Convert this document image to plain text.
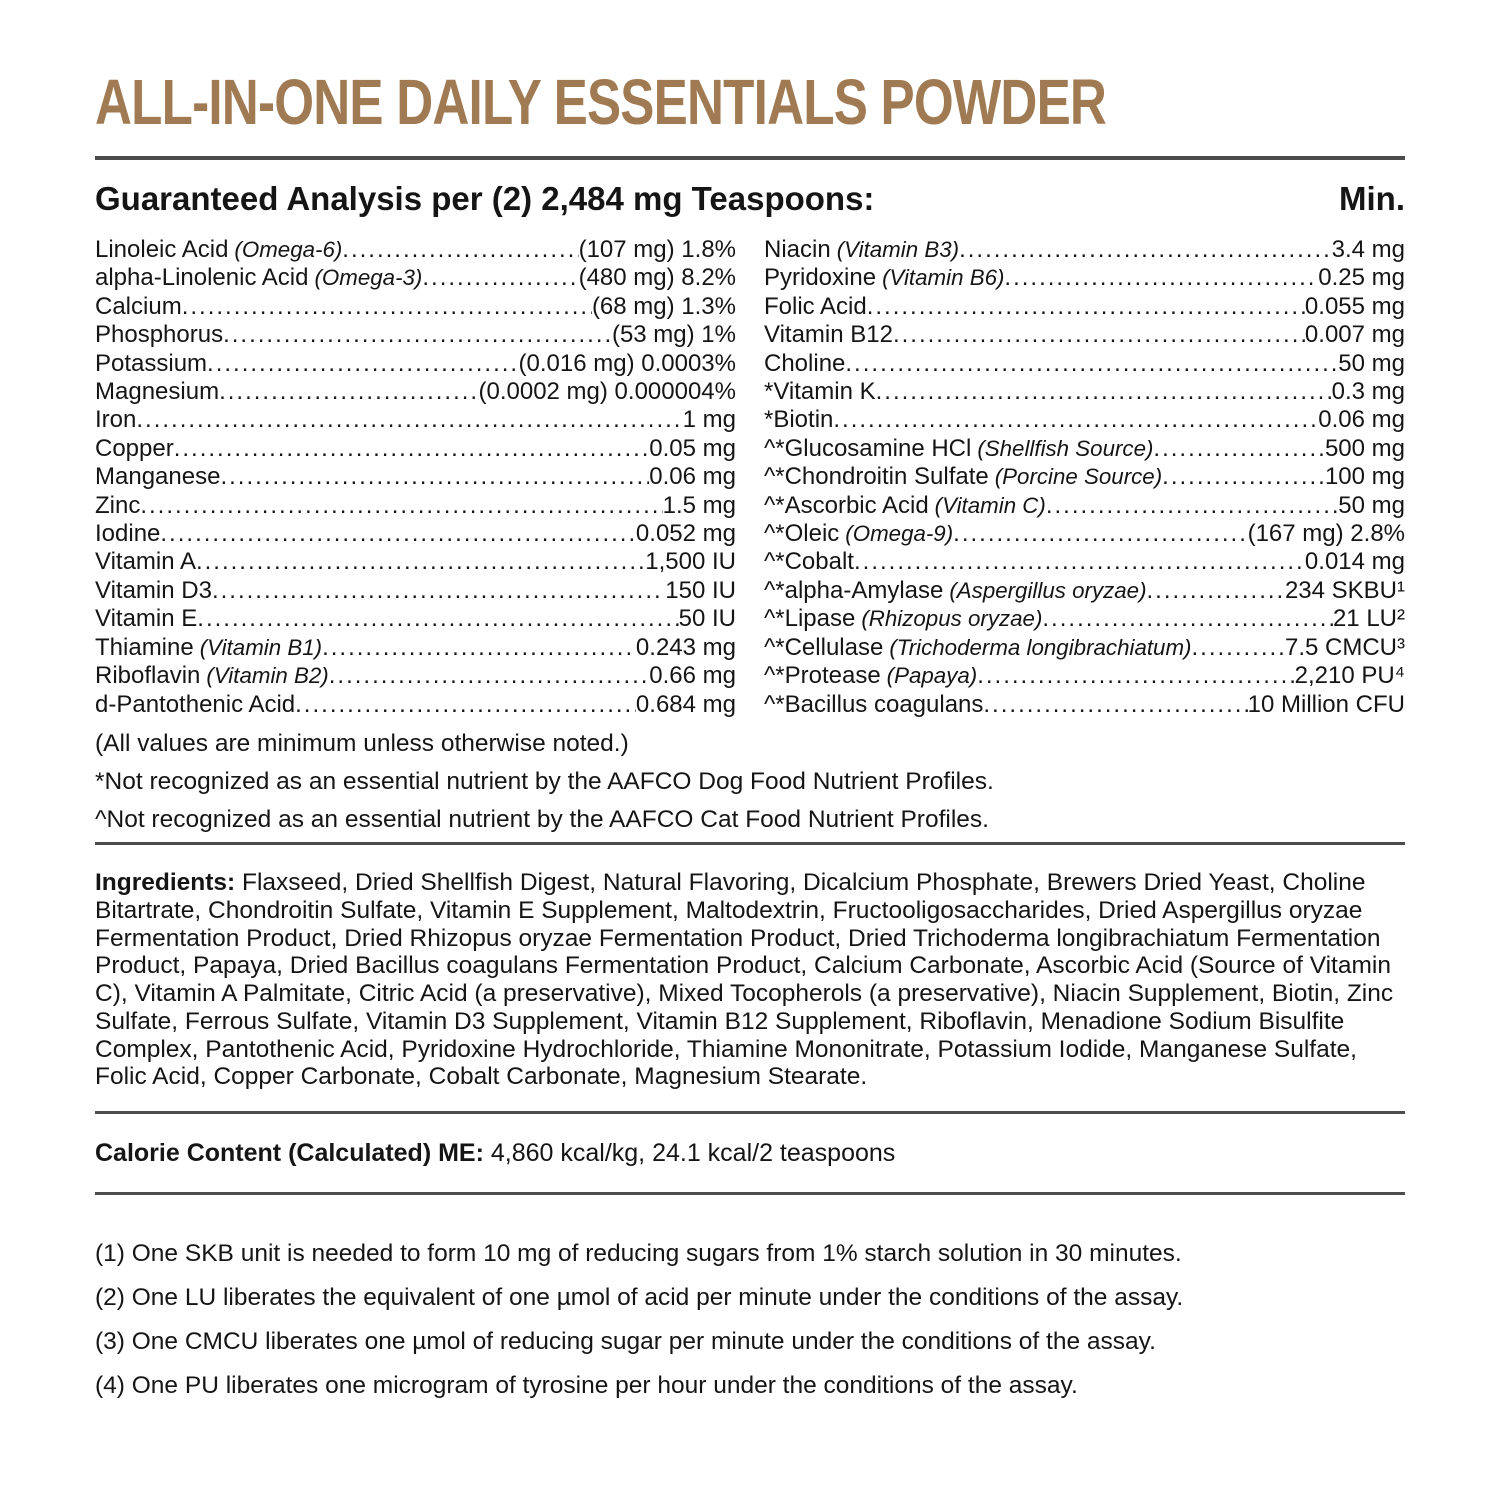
ALL-IN-ONE DAILY ESSENTIALS POWDER
Guaranteed Analysis per (2) 2,484 mg Teaspoons:	Min.
Linoleic Acid (Omega-6) .....	(107 mg) 1.8%
alpha-Linolenic Acid (Omega-3) .....	(480 mg) 8.2%
Calcium .....	(68 mg) 1.3%
Phosphorus .....	(53 mg) 1%
Potassium .....	(0.016 mg) 0.0003%
Magnesium .....	(0.0002 mg) 0.000004%
Iron .....	1 mg
Copper .....	0.05 mg
Manganese .....	0.06 mg
Zinc .....	1.5 mg
Iodine .....	0.052 mg
Vitamin A .....	1,500 IU
Vitamin D3 .....	150 IU
Vitamin E .....	50 IU
Thiamine (Vitamin B1) .....	0.243 mg
Riboflavin (Vitamin B2) .....	0.66 mg
d-Pantothenic Acid .....	0.684 mg
Niacin (Vitamin B3) .....	3.4 mg
Pyridoxine (Vitamin B6) .....	0.25 mg
Folic Acid .....	0.055 mg
Vitamin B12 .....	0.007 mg
Choline .....	50 mg
*Vitamin K .....	0.3 mg
*Biotin .....	0.06 mg
^*Glucosamine HCl (Shellfish Source) .....	500 mg
^*Chondroitin Sulfate (Porcine Source) .....	100 mg
^*Ascorbic Acid (Vitamin C) .....	50 mg
^*Oleic (Omega-9) .....	(167 mg) 2.8%
^*Cobalt .....	0.014 mg
^*alpha-Amylase (Aspergillus oryzae) .....	234 SKBU¹
^*Lipase (Rhizopus oryzae) .....	21 LU²
^*Cellulase (Trichoderma longibrachiatum) .....	7.5 CMCU³
^*Protease (Papaya) .....	2,210 PU⁴
^*Bacillus coagulans .....	10 Million CFU
(All values are minimum unless otherwise noted.)
*Not recognized as an essential nutrient by the AAFCO Dog Food Nutrient Profiles.
^Not recognized as an essential nutrient by the AAFCO Cat Food Nutrient Profiles.
Ingredients: Flaxseed, Dried Shellfish Digest, Natural Flavoring, Dicalcium Phosphate, Brewers Dried Yeast, Choline Bitartrate, Chondroitin Sulfate, Vitamin E Supplement, Maltodextrin, Fructooligosaccharides, Dried Aspergillus oryzae Fermentation Product, Dried Rhizopus oryzae Fermentation Product, Dried Trichoderma longibrachiatum Fermentation Product, Papaya, Dried Bacillus coagulans Fermentation Product, Calcium Carbonate, Ascorbic Acid (Source of Vitamin C), Vitamin A Palmitate, Citric Acid (a preservative), Mixed Tocopherols (a preservative), Niacin Supplement, Biotin, Zinc Sulfate, Ferrous Sulfate, Vitamin D3 Supplement, Vitamin B12 Supplement, Riboflavin, Menadione Sodium Bisulfite Complex, Pantothenic Acid, Pyridoxine Hydrochloride, Thiamine Mononitrate, Potassium Iodide, Manganese Sulfate, Folic Acid, Copper Carbonate, Cobalt Carbonate, Magnesium Stearate.
Calorie Content (Calculated) ME: 4,860 kcal/kg, 24.1 kcal/2 teaspoons
(1) One SKB unit is needed to form 10 mg of reducing sugars from 1% starch solution in 30 minutes.
(2) One LU liberates the equivalent of one µmol of acid per minute under the conditions of the assay.
(3) One CMCU liberates one µmol of reducing sugar per minute under the conditions of the assay.
(4) One PU liberates one microgram of tyrosine per hour under the conditions of the assay.
